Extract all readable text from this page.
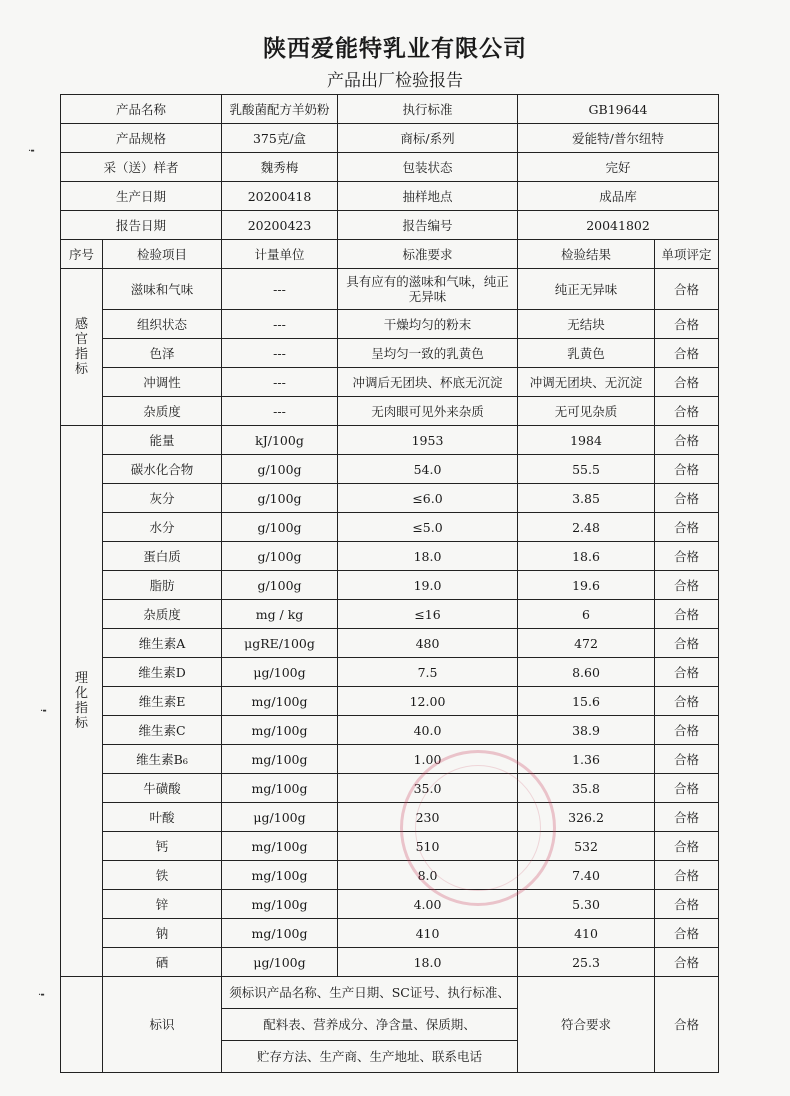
陕西爱能特乳业有限公司
产品出厂检验报告
产品名称		乳酸菌配方羊奶粉	执行标准	GB19644	
产品规格		375克/盒	商标/系列	爱能特/普尔纽特	
采（送）样者		魏秀梅	包装状态	完好	
生产日期		20200418	抽样地点	成品库	
报告日期		20200423	报告编号	20041802	
序号	检验项目	计量单位	标准要求	检验结果	单项评定
感官指标	滋味和气味	---	具有应有的滋味和气味，纯正无异味	纯正无异味	合格
	组织状态	---	干燥均匀的粉末	无结块	合格
	色泽	---	呈均匀一致的乳黄色	乳黄色	合格
	冲调性	---	冲调后无团块、杯底无沉淀	冲调无团块、无沉淀	合格
	杂质度	---	无肉眼可见外来杂质	无可见杂质	合格
理化指标	能量	kJ/100g	1953	1984	合格
	碳水化合物	g/100g	54.0	55.5	合格
	灰分	g/100g	≤6.0	3.85	合格
	水分	g/100g	≤5.0	2.48	合格
	蛋白质	g/100g	18.0	18.6	合格
	脂肪	g/100g	19.0	19.6	合格
	杂质度	mg / kg	≤16	6	合格
	维生素A	μgRE/100g	480	472	合格
	维生素D	μg/100g	7.5	8.60	合格
	维生素E	mg/100g	12.00	15.6	合格
	维生素C	mg/100g	40.0	38.9	合格
	维生素B₆	mg/100g	1.00	1.36	合格
	牛磺酸	mg/100g	35.0	35.8	合格
	叶酸	μg/100g	230	326.2	合格
	钙	mg/100g	510	532	合格
	铁	mg/100g	8.0	7.40	合格
	锌	mg/100g	4.00	5.30	合格
	钠	mg/100g	410	410	合格
	硒	μg/100g	18.0	25.3	合格
	标识	须标识产品名称、生产日期、SC证号、执行标准、		符合要求	合格
		配料表、营养成分、净含量、保质期、			
		贮存方法、生产商、生产地址、联系电话			
·╸
·╸
·╸
